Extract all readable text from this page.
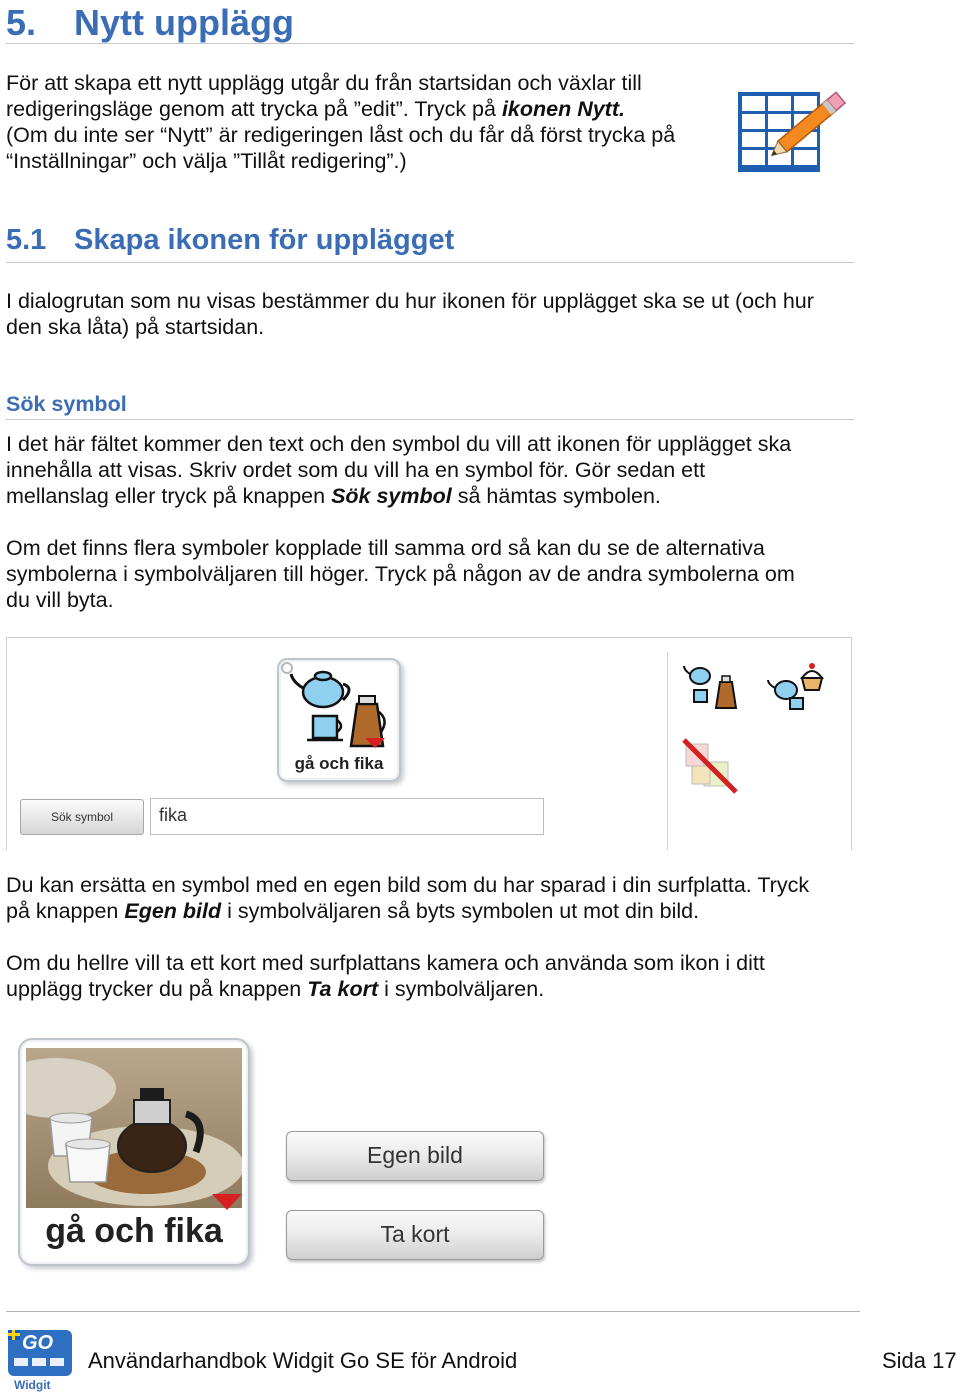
5. Nytt upplägg
För att skapa ett nytt upplägg utgår du från startsidan och växlar till
redigeringsläge genom att trycka på ”edit”. Tryck på ikonen Nytt.
(Om du inte ser “Nytt” är redigeringen låst och du får då först trycka på
“Inställningar” och välja ”Tillåt redigering”.)
5.1 Skapa ikonen för upplägget
I dialogrutan som nu visas bestämmer du hur ikonen för upplägget ska se ut (och hur
den ska låta) på startsidan.
Sök symbol
I det här fältet kommer den text och den symbol du vill att ikonen för upplägget ska
innehålla att visas. Skriv ordet som du vill ha en symbol för. Gör sedan ett
mellanslag eller tryck på knappen Sök symbol så hämtas symbolen.
Om det finns flera symboler kopplade till samma ord så kan du se de alternativa
symbolerna i symbolväljaren till höger. Tryck på någon av de andra symbolerna om
du vill byta.
gå och fika
Sök symbol	fika
Du kan ersätta en symbol med en egen bild som du har sparad i din surfplatta. Tryck
på knappen Egen bild i symbolväljaren så byts symbolen ut mot din bild.
Om du hellre vill ta ett kort med surfplattans kamera och använda som ikon i ditt
upplägg trycker du på knappen Ta kort i symbolväljaren.
gå och fika
Egen bild
Ta kort
GO
Widgit
Användarhandbok Widgit Go SE för Android	Sida 17
